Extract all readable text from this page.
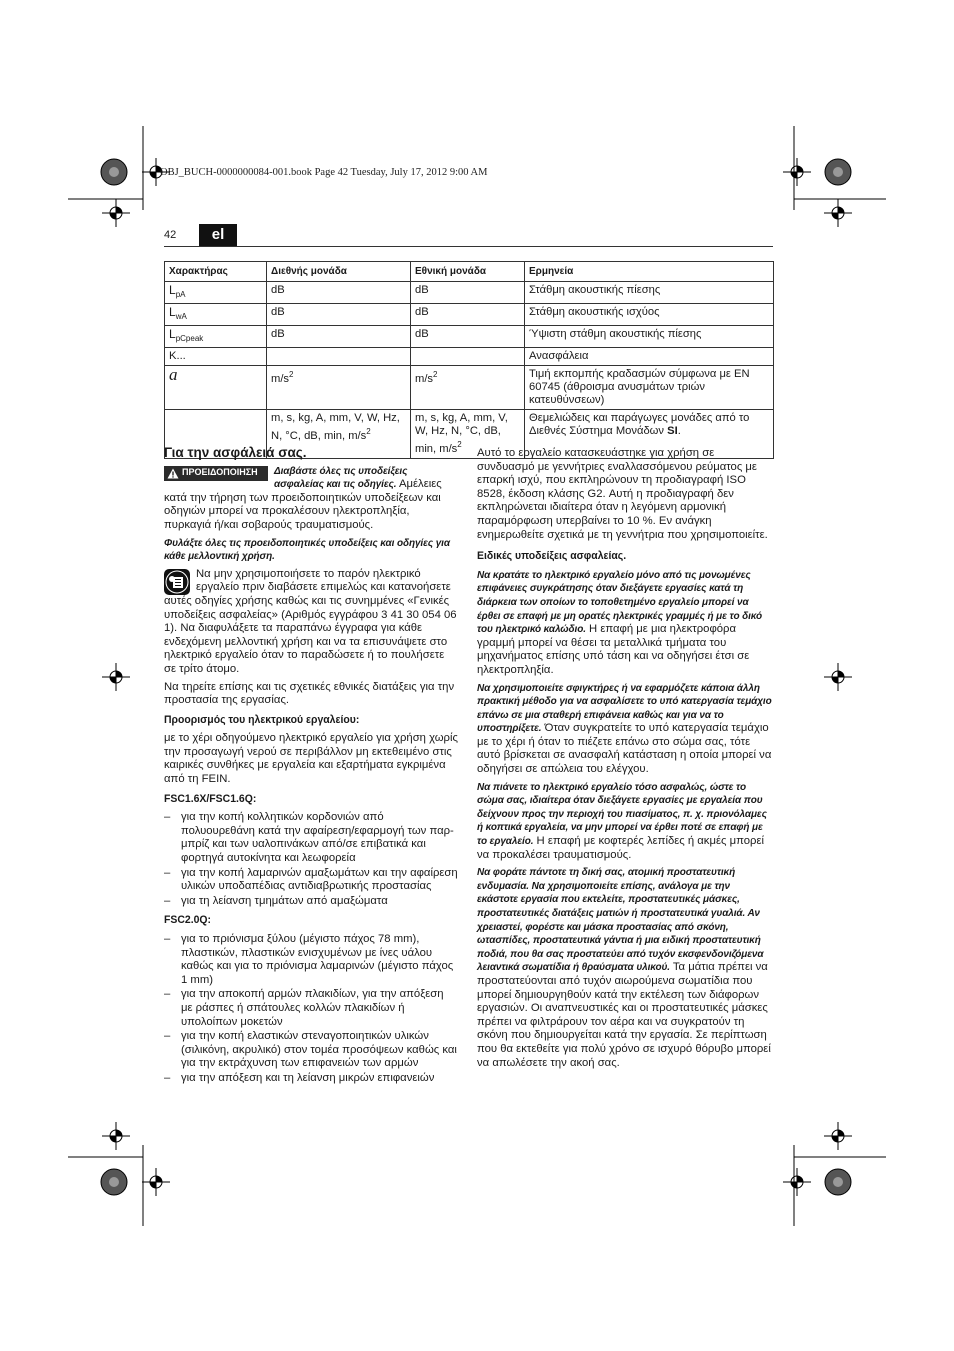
OBJ_BUCH-0000000084-001.book Page 42 Tuesday, July 17, 2012 9:00 AM
42	el
Χαρακτήρας	Διεθνής μονάδα	Εθνική μονάδα	Ερμηνεία
$L_{pA}$	dB	dB	Στάθμη ακουστικής πίεσης
$L_{wA}$	dB	dB	Στάθμη ακουστικής ισχύος
$L_{pCpeak}$	dB	dB	Ύψιστη στάθμη ακουστικής πίεσης
K...			Ανασφάλεια
a	$m/s^2$	$m/s^2$	Τιμή εκπομπής κραδασμών σύμφωνα με EN 60745 (άθροισμα ανυσμάτων τριών κατευθύνσεων)
	m, s, kg, A, mm, V, W, Hz, N, °C, dB, min, $m/s^2$	m, s, kg, A, mm, V, W, Hz, N, °C, dB, min, $m/s^2$	Θεμελιώδεις και παράγωγες μονάδες από το Διεθνές Σύστημα Μονάδων SI.
Για την ασφάλειά σας.

ΠΡΟΕΙΔΟΠΟΙΗΣΗ Διαβάστε όλες τις υποδείξεις ασφαλείας και τις οδηγίες. Αμέλειες κατά την τήρηση των προειδοποιητικών υποδείξεων και οδηγιών μπορεί να προκαλέσουν ηλεκτροπληξία, πυρκαγιά ή/και σοβαρούς τραυματισμούς.

Φυλάξτε όλες τις προειδοποιητικές υποδείξεις και οδηγίες για κάθε μελλοντική χρήση.

Να μην χρησιμοποιήσετε το παρόν ηλεκτρικό εργαλείο πριν διαβάσετε επιμελώς και κατανοήσετε αυτές οδηγίες χρήσης καθώς και τις συνημμένες «Γενικές υποδείξεις ασφαλείας» (Αριθμός εγγράφου 3 41 30 054 06 1). Να διαφυλάξετε τα παραπάνω έγγραφα για κάθε ενδεχόμενη μελλοντική χρήση και να τα επισυνάψετε στο ηλεκτρικό εργαλείο όταν το παραδώσετε ή το πουλήσετε σε τρίτο άτομο.

Να τηρείτε επίσης και τις σχετικές εθνικές διατάξεις για την προστασία της εργασίας.

Προορισμός του ηλεκτρικού εργαλείου:

με το χέρι οδηγούμενο ηλεκτρικό εργαλείο για χρήση χωρίς την προσαγωγή νερού σε περιβάλλον μη εκτεθειμένο στις καιρικές συνθήκες με εργαλεία και εξαρτήματα εγκριμένα από τη FEIN.

FSC1.6X/FSC1.6Q:
– για την κοπή κολλητικών κορδονιών από πολυουρεθάνη κατά την αφαίρεση/εφαρμογή των παρ-μπρίζ και των υαλοπινάκων από/σε επιβατικά και φορτηγά αυτοκίνητα και λεωφορεία
– για την κοπή λαμαρινών αμαξωμάτων και την αφαίρεση υλικών υποδαπέδιας αντιδιαβρωτικής προστασίας
– για τη λείανση τμημάτων από αμαξώματα
FSC2.0Q:
– για το πριόνισμα ξύλου (μέγιστο πάχος 78 mm), πλαστικών, πλαστικών ενισχυμένων με ίνες υάλου καθώς και για το πριόνισμα λαμαρινών (μέγιστο πάχος 1 mm)
– για την αποκοπή αρμών πλακιδίων, για την απόξεση με ράσπες ή σπάτουλες κολλών πλακιδίων ή υπολοίπων μοκετών
– για την κοπή ελαστικών στεναγοποιητικών υλικών (σιλικόνη, ακρυλικό) στον τομέα προσόψεων καθώς και για την εκτράχυνση των επιφανειών των αρμών
– για την απόξεση και τη λείανση μικρών επιφανειών

Αυτό το εργαλείο κατασκευάστηκε για χρήση σε συνδυασμό με γεννήτριες εναλλασσόμενου ρεύματος με επαρκή ισχύ, που εκπληρώνουν τη προδιαγραφή ISO 8528, έκδοση κλάσης G2. Αυτή η προδιαγραφή δεν εκπληρώνεται ιδιαίτερα όταν η λεγόμενη αρμονική παραμόρφωση υπερβαίνει το 10 %. Εν ανάγκη ενημερωθείτε σχετικά με τη γεννήτρια που χρησιμοποιείτε.

Ειδικές υποδείξεις ασφαλείας.

Να κρατάτε το ηλεκτρικό εργαλείο μόνο από τις μονωμένες επιφάνειες συγκράτησης όταν διεξάγετε εργασίες κατά τη διάρκεια των οποίων το τοποθετημένο εργαλείο μπορεί να έρθει σε επαφή με μη ορατές ηλεκτρικές γραμμές ή με το δικό του ηλεκτρικό καλώδιο. Η επαφή με μια ηλεκτροφόρα γραμμή μπορεί να θέσει τα μεταλλικά τμήματα του μηχανήματος επίσης υπό τάση και να οδηγήσει έτσι σε ηλεκτροπληξία.

Να χρησιμοποιείτε σφιγκτήρες ή να εφαρμόζετε κάποια άλλη πρακτική μέθοδο για να ασφαλίσετε το υπό κατεργασία τεμάχιο επάνω σε μια σταθερή επιφάνεια καθώς και για να το υποστηρίξετε. Όταν συγκρατείτε το υπό κατεργασία τεμάχιο με το χέρι ή όταν το πιέζετε επάνω στο σώμα σας, τότε αυτό βρίσκεται σε ανασφαλή κατάσταση η οποία μπορεί να οδηγήσει σε απώλεια του ελέγχου.

Να πιάνετε το ηλεκτρικό εργαλείο τόσο ασφαλώς, ώστε το σώμα σας, ιδιαίτερα όταν διεξάγετε εργασίες με εργαλεία που δείχνουν προς την περιοχή του πιασίματος, π. χ. πριονόλαμες ή κοπτικά εργαλεία, να μην μπορεί να έρθει ποτέ σε επαφή με το εργαλείο. Η επαφή με κοφτερές λεπίδες ή ακμές μπορεί να προκαλέσει τραυματισμούς.

Να φοράτε πάντοτε τη δική σας, ατομική προστατευτική ενδυμασία. Να χρησιμοποιείτε επίσης, ανάλογα με την εκάστοτε εργασία που εκτελείτε, προστατευτικές μάσκες, προστατευτικές διατάξεις ματιών ή προστατευτικά γυαλιά. Αν χρειαστεί, φορέστε και μάσκα προστασίας από σκόνη, ωτασπίδες, προστατευτικά γάντια ή μια ειδική προστατευτική ποδιά, που θα σας προστατεύει από τυχόν εκσφενδονιζόμενα λειαντικά σωματίδια ή θραύσματα υλικού. Τα μάτια πρέπει να προστατεύονται από τυχόν αιωρούμενα σωματίδια που μπορεί δημιουργηθούν κατά την εκτέλεση των διάφορων εργασιών. Οι αναπνευστικές και οι προστατευτικές μάσκες πρέπει να φιλτράρουν τον αέρα και να συγκρατούν τη σκόνη που δημιουργείται κατά την εργασία. Σε περίπτωση που θα εκτεθείτε για πολύ χρόνο σε ισχυρό θόρυβο μπορεί να απωλέσετε την ακοή σας.
